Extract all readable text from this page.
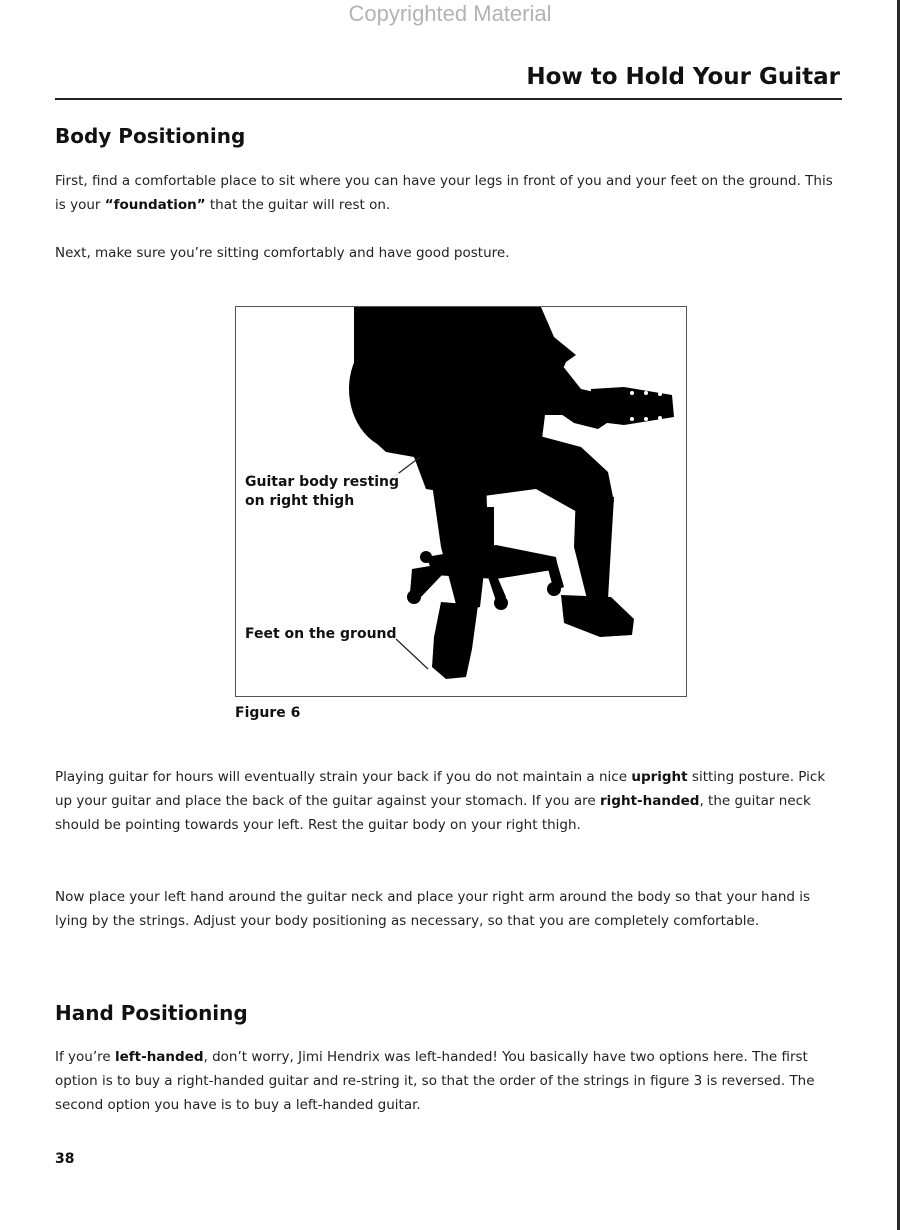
Copyrighted Material
How to Hold Your Guitar
Body Positioning

First, find a comfortable place to sit where you can have your legs in front of you and your feet on the ground. This is your “foundation” that the guitar will rest on.

Next, make sure you’re sitting comfortably and have good posture.

Guitar body resting
on right thigh
Feet on the ground
Figure 6

Playing guitar for hours will eventually strain your back if you do not maintain a nice upright sitting posture. Pick up your guitar and place the back of the guitar against your stomach. If you are right-handed, the guitar neck should be pointing towards your left. Rest the guitar body on your right thigh.

Now place your left hand around the guitar neck and place your right arm around the body so that your hand is lying by the strings. Adjust your body positioning as necessary, so that you are completely comfortable.

Hand Positioning

If you’re left-handed, don’t worry, Jimi Hendrix was left-handed! You basically have two options here. The first option is to buy a right-handed guitar and re-string it, so that the order of the strings in figure 3 is reversed. The second option you have is to buy a left-handed guitar.

38
